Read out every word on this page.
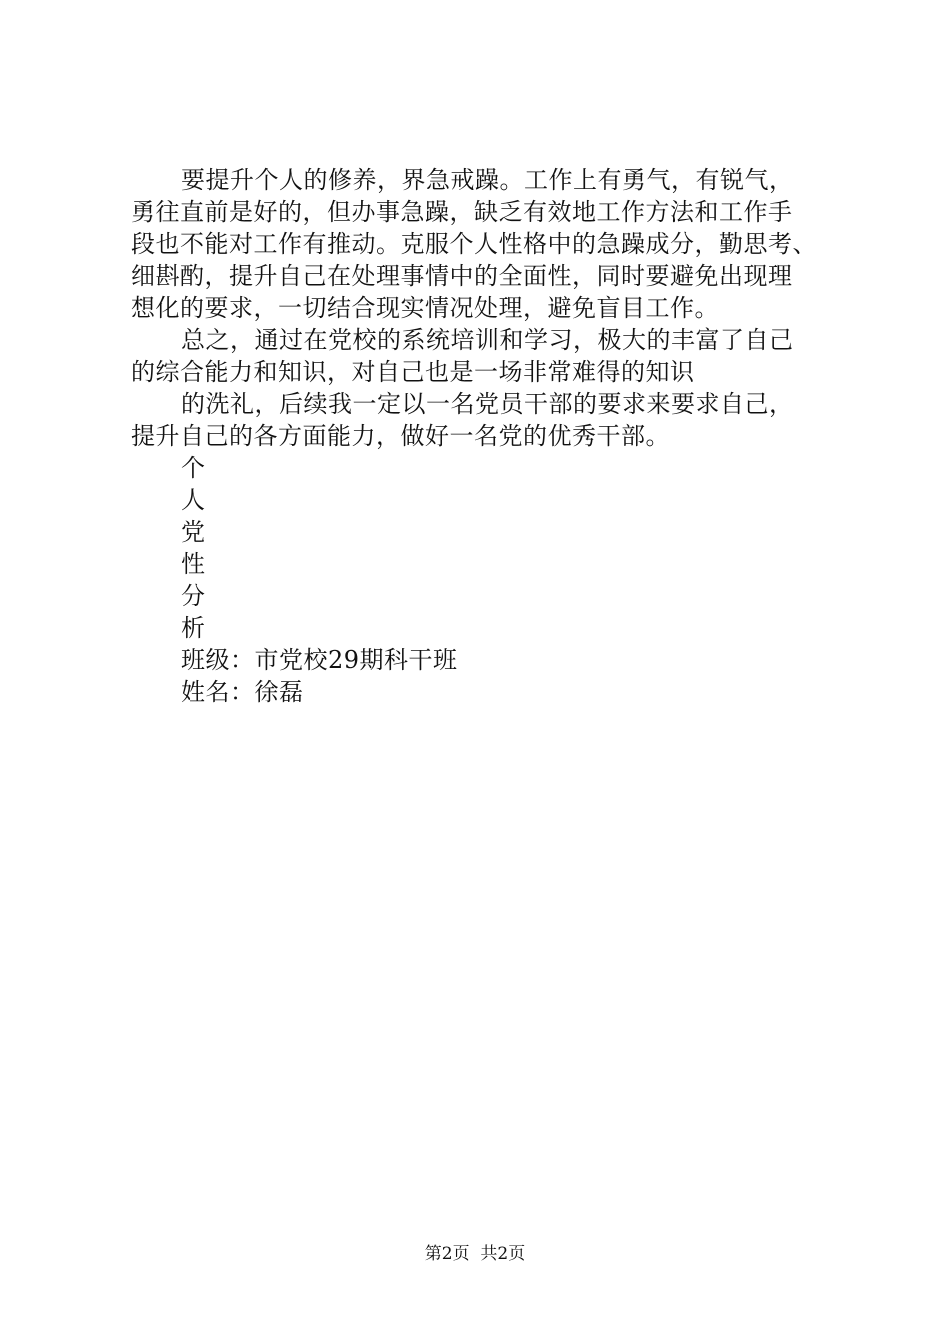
要提升个人的修养，界急戒躁。工作上有勇气，有锐气，
勇往直前是好的，但办事急躁，缺乏有效地工作方法和工作手
段也不能对工作有推动。克服个人性格中的急躁成分，勤思考、
细斟酌，提升自己在处理事情中的全面性，同时要避免出现理
想化的要求，一切结合现实情况处理，避免盲目工作。
总之，通过在党校的系统培训和学习，极大的丰富了自己
的综合能力和知识，对自己也是一场非常难得的知识
的洗礼，后续我一定以一名党员干部的要求来要求自己，
提升自己的各方面能力，做好一名党的优秀干部。
个
人
党
性
分
析
班级：市党校29期科干班
姓名：徐磊
第2页  共2页
